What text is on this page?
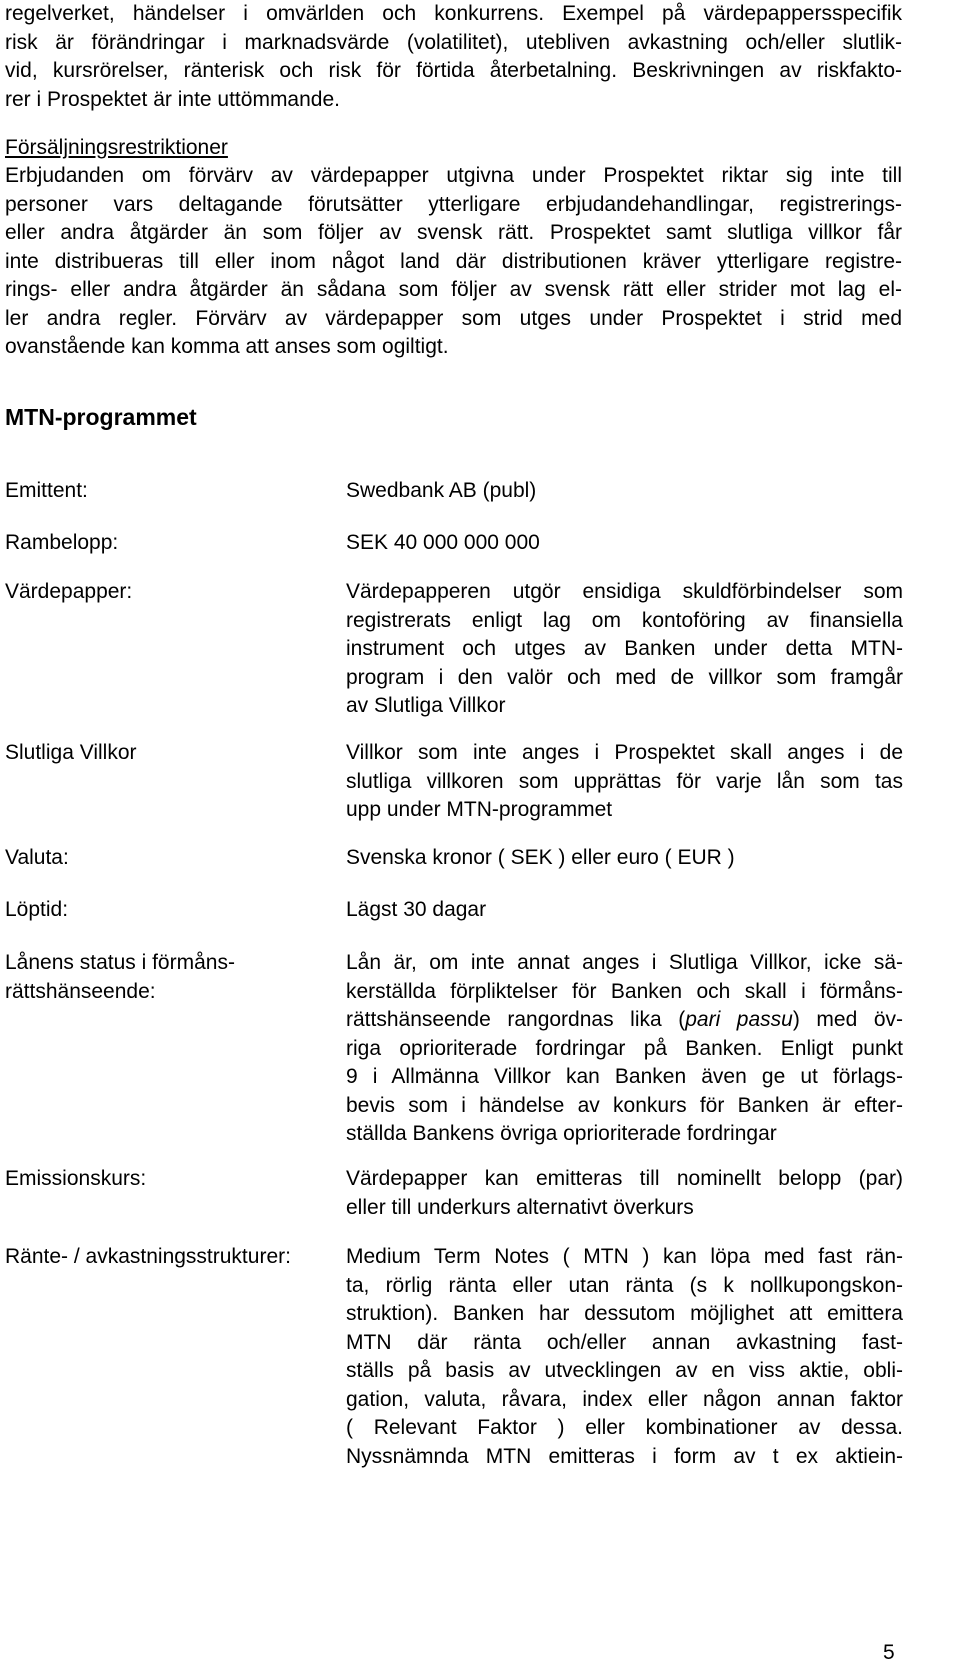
regelverket, händelser i omvärlden och konkurrens. Exempel på värdepappersspecifik
risk är förändringar i marknadsvärde (volatilitet), utebliven avkastning och/eller slutlik-
vid, kursrörelser, ränterisk och risk för förtida återbetalning. Beskrivningen av riskfakto-
rer i Prospektet är inte uttömmande.
Försäljningsrestriktioner
Erbjudanden om förvärv av värdepapper utgivna under Prospektet riktar sig inte till
personer vars deltagande förutsätter ytterligare erbjudandehandlingar, registrerings-
eller andra åtgärder än som följer av svensk rätt. Prospektet samt slutliga villkor får
inte distribueras till eller inom något land där distributionen kräver ytterligare registre-
rings- eller andra åtgärder än sådana som följer av svensk rätt eller strider mot lag el-
ler andra regler. Förvärv av värdepapper som utges under Prospektet i strid med
ovanstående kan komma att anses som ogiltigt.
MTN-programmet
Emittent:	Swedbank AB (publ)
Rambelopp:	SEK 40 000 000 000
Värdepapper:	Värdepapperen utgör ensidiga skuldförbindelser som
registrerats enligt lag om kontoföring av finansiella
instrument och utges av Banken under detta MTN-
program i den valör och med de villkor som framgår
av Slutliga Villkor
Slutliga Villkor	Villkor som inte anges i Prospektet skall anges i de
slutliga villkoren som upprättas för varje lån som tas
upp under MTN-programmet
Valuta:	Svenska kronor ( SEK ) eller euro ( EUR )
Löptid:	Lägst 30 dagar
Lånens status i förmåns-
rättshänseende:
Lån är, om inte annat anges i Slutliga Villkor, icke sä-
kerställda förpliktelser för Banken och skall i förmåns-
rättshänseende rangordnas lika (pari passu) med öv-
riga oprioriterade fordringar på Banken. Enligt punkt
9 i Allmänna Villkor kan Banken även ge ut förlags-
bevis som i händelse av konkurs för Banken är efter-
ställda Bankens övriga oprioriterade fordringar
Emissionskurs:	Värdepapper kan emitteras till nominellt belopp (par)
eller till underkurs alternativt överkurs
Ränte- / avkastningsstrukturer:	Medium Term Notes ( MTN ) kan löpa med fast rän-
ta, rörlig ränta eller utan ränta (s k nollkupongskon-
struktion). Banken har dessutom möjlighet att emittera
MTN där ränta och/eller annan avkastning fast-
ställs på basis av utvecklingen av en viss aktie, obli-
gation, valuta, råvara, index eller någon annan faktor
( Relevant Faktor ) eller kombinationer av dessa.
Nyssnämnda MTN emitteras i form av t ex aktiein-
5
